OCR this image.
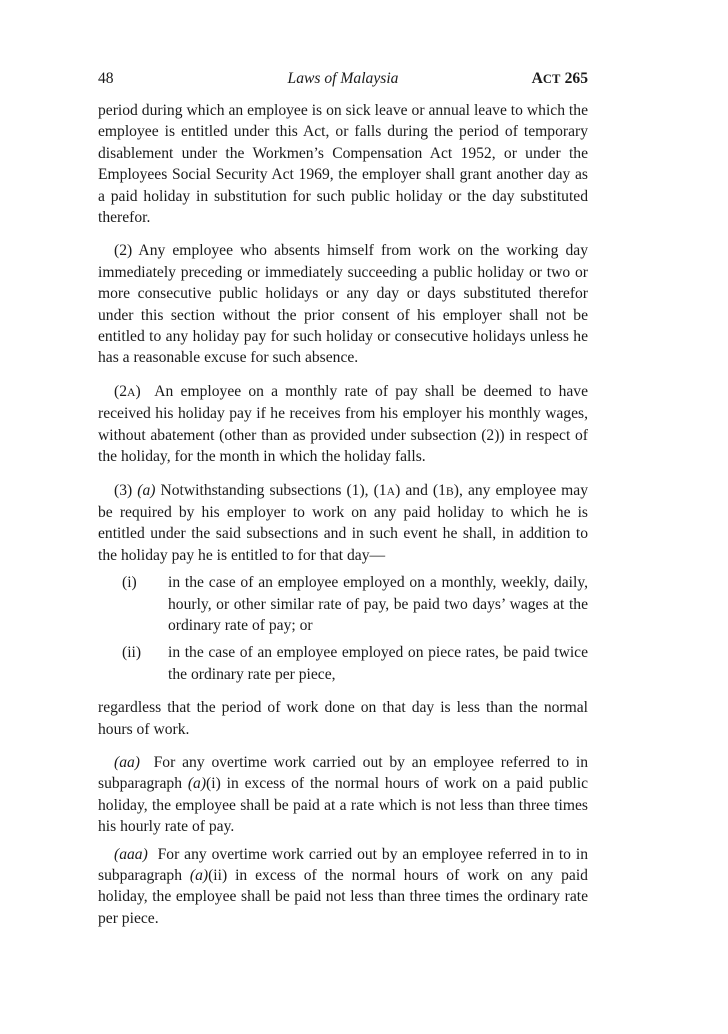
48	Laws of Malaysia	ACT 265

period during which an employee is on sick leave or annual leave to which the employee is entitled under this Act, or falls during the period of temporary disablement under the Workmen’s Compensation Act 1952, or under the Employees Social Security Act 1969, the employer shall grant another day as a paid holiday in substitution for such public holiday or the day substituted therefor.

(2) Any employee who absents himself from work on the working day immediately preceding or immediately succeeding a public holiday or two or more consecutive public holidays or any day or days substituted therefor under this section without the prior consent of his employer shall not be entitled to any holiday pay for such holiday or consecutive holidays unless he has a reasonable excuse for such absence.

(2A) An employee on a monthly rate of pay shall be deemed to have received his holiday pay if he receives from his employer his monthly wages, without abatement (other than as provided under subsection (2)) in respect of the holiday, for the month in which the holiday falls.

(3) (a) Notwithstanding subsections (1), (1A) and (1B), any employee may be required by his employer to work on any paid holiday to which he is entitled under the said subsections and in such event he shall, in addition to the holiday pay he is entitled to for that day—

(i)	in the case of an employee employed on a monthly, weekly, daily, hourly, or other similar rate of pay, be paid two days’ wages at the ordinary rate of pay; or
(ii)	in the case of an employee employed on piece rates, be paid twice the ordinary rate per piece,

regardless that the period of work done on that day is less than the normal hours of work.

(aa) For any overtime work carried out by an employee referred to in subparagraph (a)(i) in excess of the normal hours of work on a paid public holiday, the employee shall be paid at a rate which is not less than three times his hourly rate of pay.

(aaa) For any overtime work carried out by an employee referred in to in subparagraph (a)(ii) in excess of the normal hours of work on any paid holiday, the employee shall be paid not less than three times the ordinary rate per piece.
